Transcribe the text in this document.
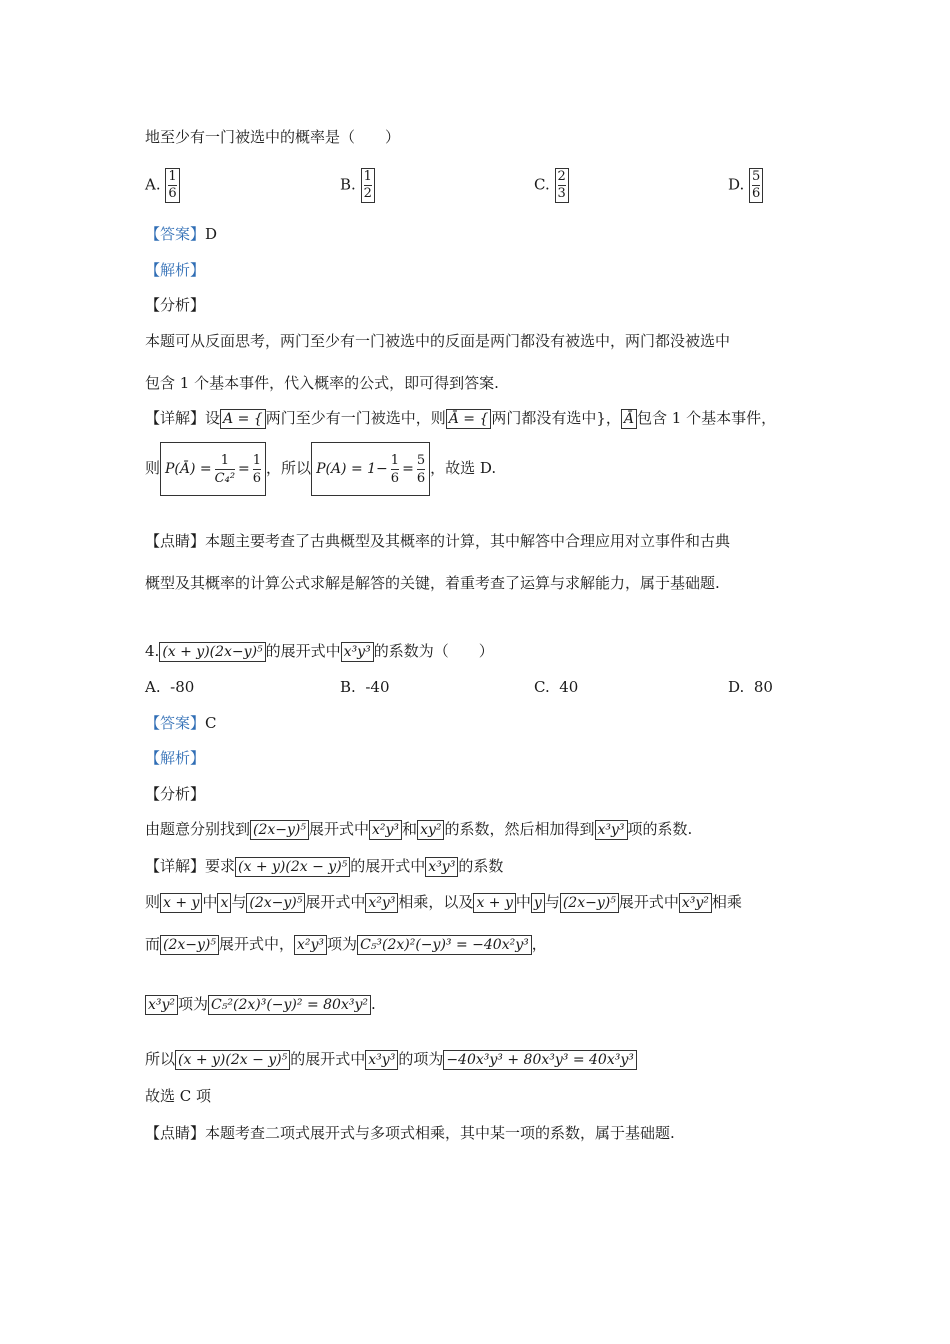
地至少有一门被选中的概率是（　　）
A. $\frac{1}{6}$	B. $\frac{1}{2}$	C. $\frac{2}{3}$	D. $\frac{5}{6}$
【答案】D
【解析】
【分析】
本题可从反面思考，两门至少有一门被选中的反面是两门都没有被选中，两门都没被选中
包含 1 个基本事件，代入概率的公式，即可得到答案.
【详解】设 A = { 两门至少有一门被选中，则 Ā = { 两门都没有选中}， Ā 包含 1 个基本事件，
则 P(Ā) =
1
C₄²
=
1
6
，所以 P(A) = 1−
1
6
=
5
6
，故选 D.
【点睛】本题主要考查了古典概型及其概率的计算，其中解答中合理应用对立事件和古典
概型及其概率的计算公式求解是解答的关键，着重考查了运算与求解能力，属于基础题.
4. (x + y)(2x−y)⁵ 的展开式中 x³y³ 的系数为（　　）
A. -80	B. -40	C. 40	D. 80
【答案】C
【解析】
【分析】
由题意分别找到 (2x−y)⁵ 展开式中 x²y³ 和 xy² 的系数，然后相加得到 x³y³ 项的系数.
【详解】要求 (x + y)(2x − y)⁵ 的展开式中 x³y³ 的系数
则 x + y 中 x 与 (2x−y)⁵ 展开式中 x²y³ 相乘，以及 x + y 中 y 与 (2x−y)⁵ 展开式中 x³y² 相乘
而 (2x−y)⁵ 展开式中， x²y³ 项为 C₅³(2x)²(−y)³ = −40x²y³ ，
x³y² 项为 C₅²(2x)³(−y)² = 80x³y² .
所以 (x + y)(2x − y)⁵ 的展开式中 x³y³ 的项为 −40x³y³ + 80x³y³ = 40x³y³
故选 C 项
【点睛】本题考查二项式展开式与多项式相乘，其中某一项的系数，属于基础题.
